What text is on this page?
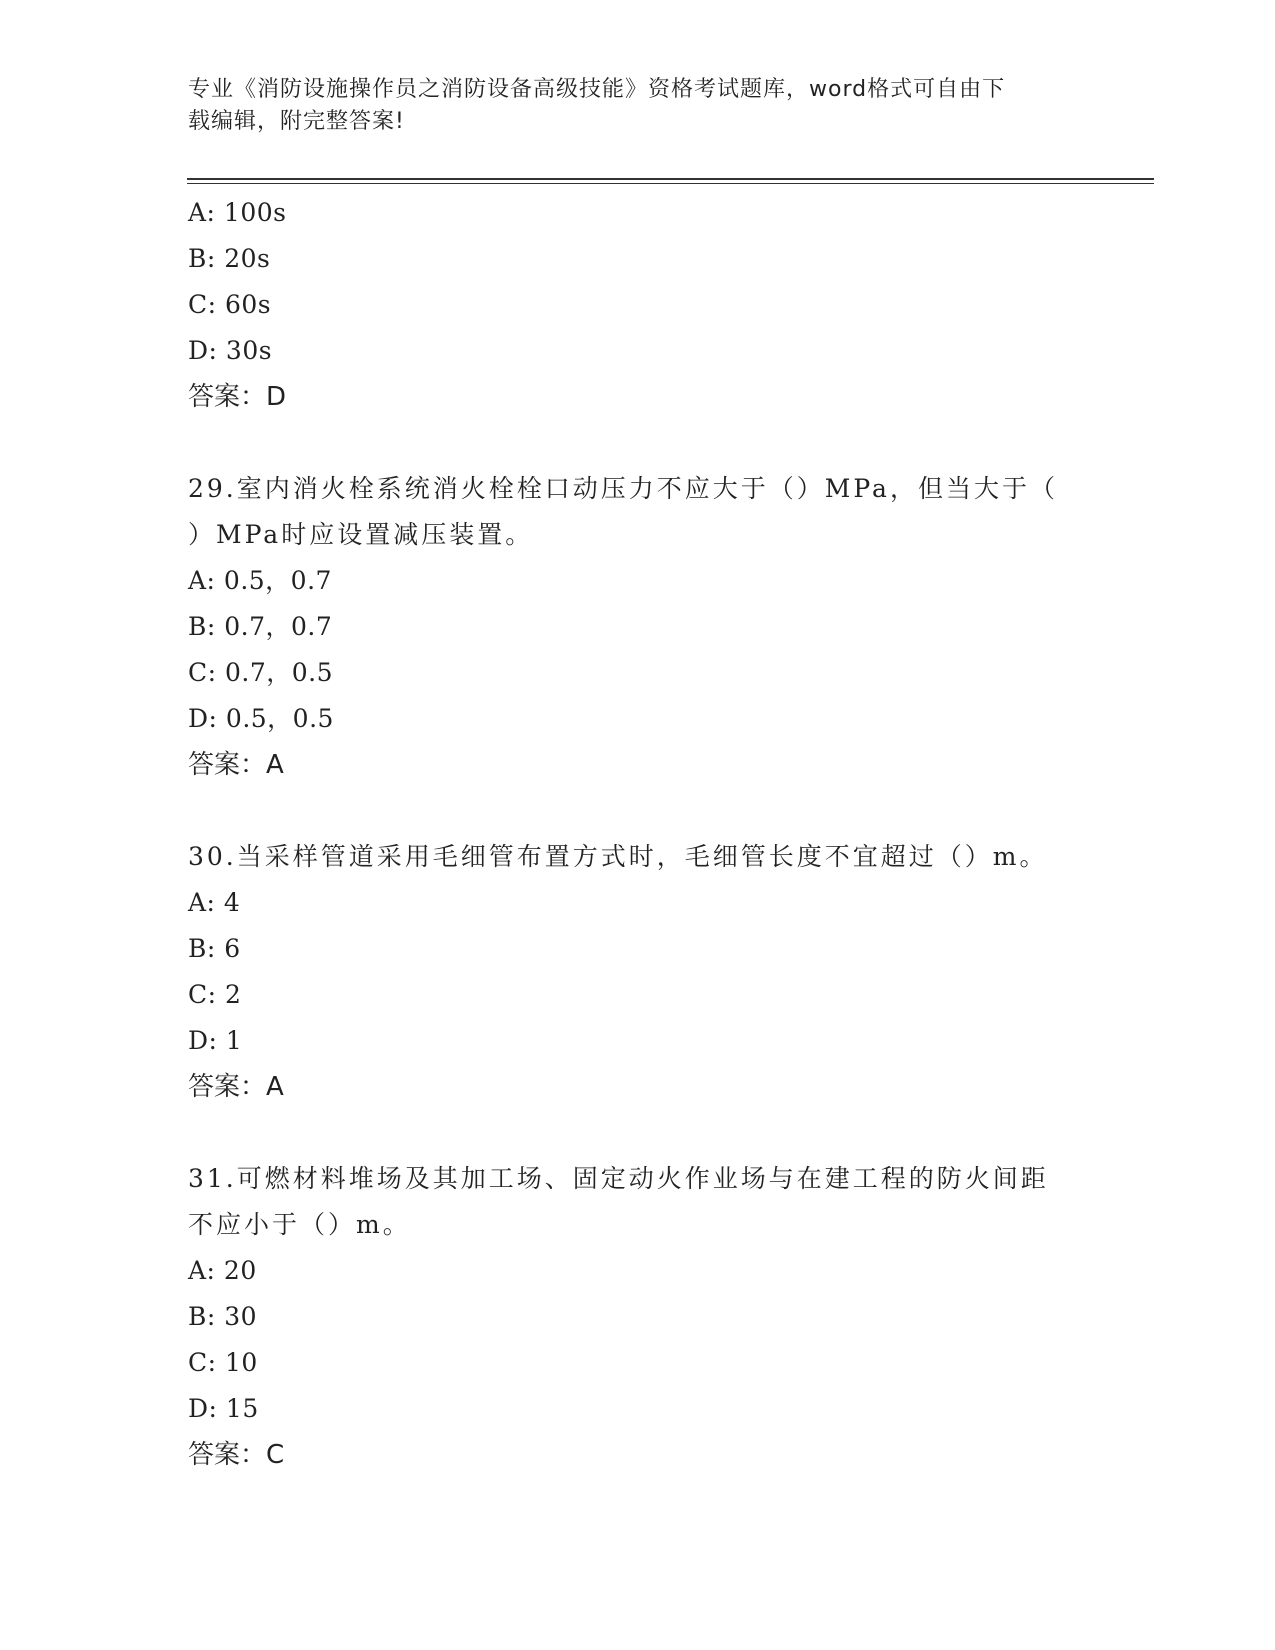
专业《消防设施操作员之消防设备高级技能》资格考试题库，word格式可自由下
载编辑，附完整答案!
A: 100s
B: 20s
C: 60s
D: 30s
答案：D
29.室内消火栓系统消火栓栓口动压力不应大于（）MPa，但当大于（
）MPa时应设置减压装置。
A: 0.5，0.7
B: 0.7，0.7
C: 0.7，0.5
D: 0.5，0.5
答案：A
30.当采样管道采用毛细管布置方式时，毛细管长度不宜超过（）m。
A: 4
B: 6
C: 2
D: 1
答案：A
31.可燃材料堆场及其加工场、固定动火作业场与在建工程的防火间距
不应小于（）m。
A: 20
B: 30
C: 10
D: 15
答案：C
